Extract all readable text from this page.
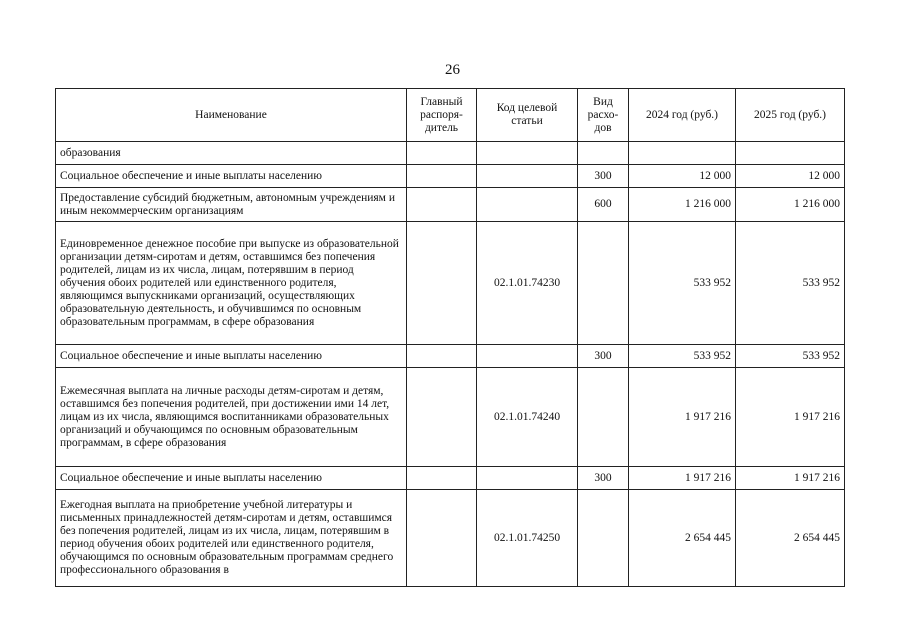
26
Наименование	Главный распоря-дитель	Код целевой статьи	Вид расхо-дов	2024 год (руб.)	2025 год (руб.)
образования					
Социальное обеспечение и иные выплаты населению			300	12 000	12 000
Предоставление субсидий бюджетным, автономным учреждениям и иным некоммерческим организациям			600	1 216 000	1 216 000
Единовременное денежное пособие при выпуске из образовательной организации детям-сиротам и детям, оставшимся без попечения родителей, лицам из их числа, лицам, потерявшим в период обучения обоих родителей или единственного родителя, являющимся выпускниками организаций, осуществляющих образовательную деятельность, и обучившимся по основным образовательным программам, в сфере образования		02.1.01.74230		533 952	533 952
Социальное обеспечение и иные выплаты населению			300	533 952	533 952
Ежемесячная выплата на личные расходы детям-сиротам и детям, оставшимся без попечения родителей, при достижении ими 14 лет, лицам из их числа, являющимся воспитанниками образовательных организаций и обучающимся по основным образовательным программам, в сфере образования		02.1.01.74240		1 917 216	1 917 216
Социальное обеспечение и иные выплаты населению			300	1 917 216	1 917 216
Ежегодная выплата на приобретение учебной литературы и письменных принадлежностей детям-сиротам и детям, оставшимся без попечения родителей, лицам из их числа, лицам, потерявшим в период обучения обоих родителей или единственного родителя, обучающимся по основным образовательным программам среднего профессионального образования в		02.1.01.74250		2 654 445	2 654 445
